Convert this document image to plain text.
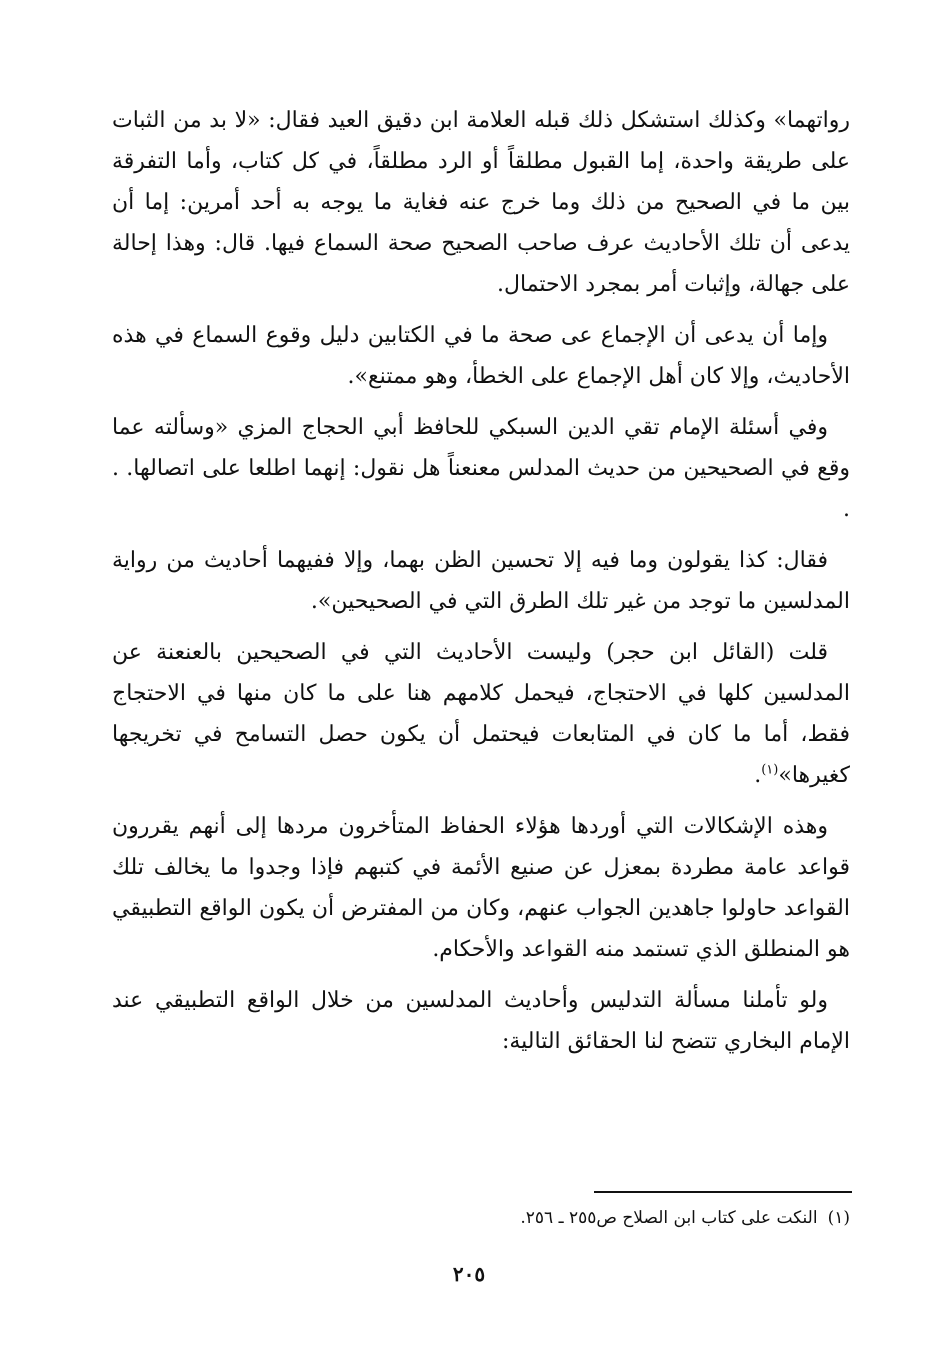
رواتهما» وكذلك استشكل ذلك قبله العلامة ابن دقيق العيد فقال: «لا بد من الثبات على طريقة واحدة، إما القبول مطلقاً أو الرد مطلقاً، في كل كتاب، وأما التفرقة بين ما في الصحيح من ذلك وما خرج عنه فغاية ما يوجه به أحد أمرين: إما أن يدعى أن تلك الأحاديث عرف صاحب الصحيح صحة السماع فيها. قال: وهذا إحالة على جهالة، وإثبات أمر بمجرد الاحتمال.

وإما أن يدعى أن الإجماع عى صحة ما في الكتابين دليل وقوع السماع في هذه الأحاديث، وإلا كان أهل الإجماع على الخطأ، وهو ممتنع».

وفي أسئلة الإمام تقي الدين السبكي للحافظ أبي الحجاج المزي «وسألته عما وقع في الصحيحين من حديث المدلس معنعناً هل نقول: إنهما اطلعا على اتصالها. . .

فقال: كذا يقولون وما فيه إلا تحسين الظن بهما، وإلا ففيهما أحاديث من رواية المدلسين ما توجد من غير تلك الطرق التي في الصحيحين».

قلت (القائل ابن حجر) وليست الأحاديث التي في الصحيحين بالعنعنة عن المدلسين كلها في الاحتجاج، فيحمل كلامهم هنا على ما كان منها في الاحتجاج فقط، أما ما كان في المتابعات فيحتمل أن يكون حصل التسامح في تخريجها كغيرها»$^{(١)}$.

وهذه الإشكالات التي أوردها هؤلاء الحفاظ المتأخرون مردها إلى أنهم يقررون قواعد عامة مطردة بمعزل عن صنيع الأئمة في كتبهم فإذا وجدوا ما يخالف تلك القواعد حاولوا جاهدين الجواب عنهم، وكان من المفترض أن يكون الواقع التطبيقي هو المنطلق الذي تستمد منه القواعد والأحكام.

ولو تأملنا مسألة التدليس وأحاديث المدلسين من خلال الواقع التطبيقي عند الإمام البخاري تتضح لنا الحقائق التالية:

(١)النكت على كتاب ابن الصلاح ص٢٥٥ ـ ٢٥٦.
٢٠٥
